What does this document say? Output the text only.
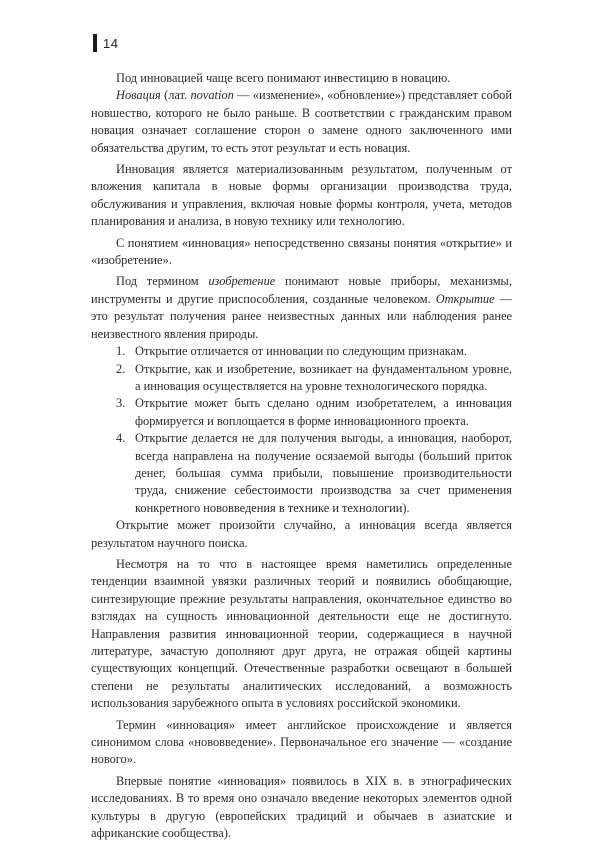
14

Под инновацией чаще всего понимают инвестицию в новацию.

Новация (лат. novation — «изменение», «обновление») представляет собой новшество, которого не было раньше. В соответствии с гражданским правом новация означает соглашение сторон о замене одного заключенного ими обязательства другим, то есть этот результат и есть новация.

Инновация является материализованным результатом, полученным от вложения капитала в новые формы организации производства труда, обслуживания и управления, включая новые формы контроля, учета, методов планирования и анализа, в новую технику или технологию.

С понятием «инновация» непосредственно связаны понятия «открытие» и «изобретение».

Под термином изобретение понимают новые приборы, механизмы, инструменты и другие приспособления, созданные человеком. Открытие — это результат получения ранее неизвестных данных или наблюдения ранее неизвестного явления природы.

1. Открытие отличается от инновации по следующим признакам.
2. Открытие, как и изобретение, возникает на фундаментальном уровне, а инновация осуществляется на уровне технологического порядка.
3. Открытие может быть сделано одним изобретателем, а инновация формируется и воплощается в форме инновационного проекта.
4. Открытие делается не для получения выгоды, а инновация, наоборот, всегда направлена на получение осязаемой выгоды (больший приток денег, большая сумма прибыли, повышение производительности труда, снижение себестоимости производства за счет применения конкретного нововведения в технике и технологии).

Открытие может произойти случайно, а инновация всегда является результатом научного поиска.

Несмотря на то что в настоящее время наметились определенные тенденции взаимной увязки различных теорий и появились обобщающие, синтезирующие прежние результаты направления, окончательное единство во взглядах на сущность инновационной деятельности еще не достигнуто. Направления развития инновационной теории, содержащиеся в научной литературе, зачастую дополняют друг друга, не отражая общей картины существующих концепций. Отечественные разработки освещают в большей степени не результаты аналитических исследований, а возможность использования зарубежного опыта в условиях российской экономики.

Термин «инновация» имеет английское происхождение и является синонимом слова «нововведение». Первоначальное его значение — «создание нового».

Впервые понятие «инновация» появилось в XIX в. в этнографических исследованиях. В то время оно означало введение некоторых элементов одной культуры в другую (европейских традиций и обычаев в азиатские и африканские сообщества).
